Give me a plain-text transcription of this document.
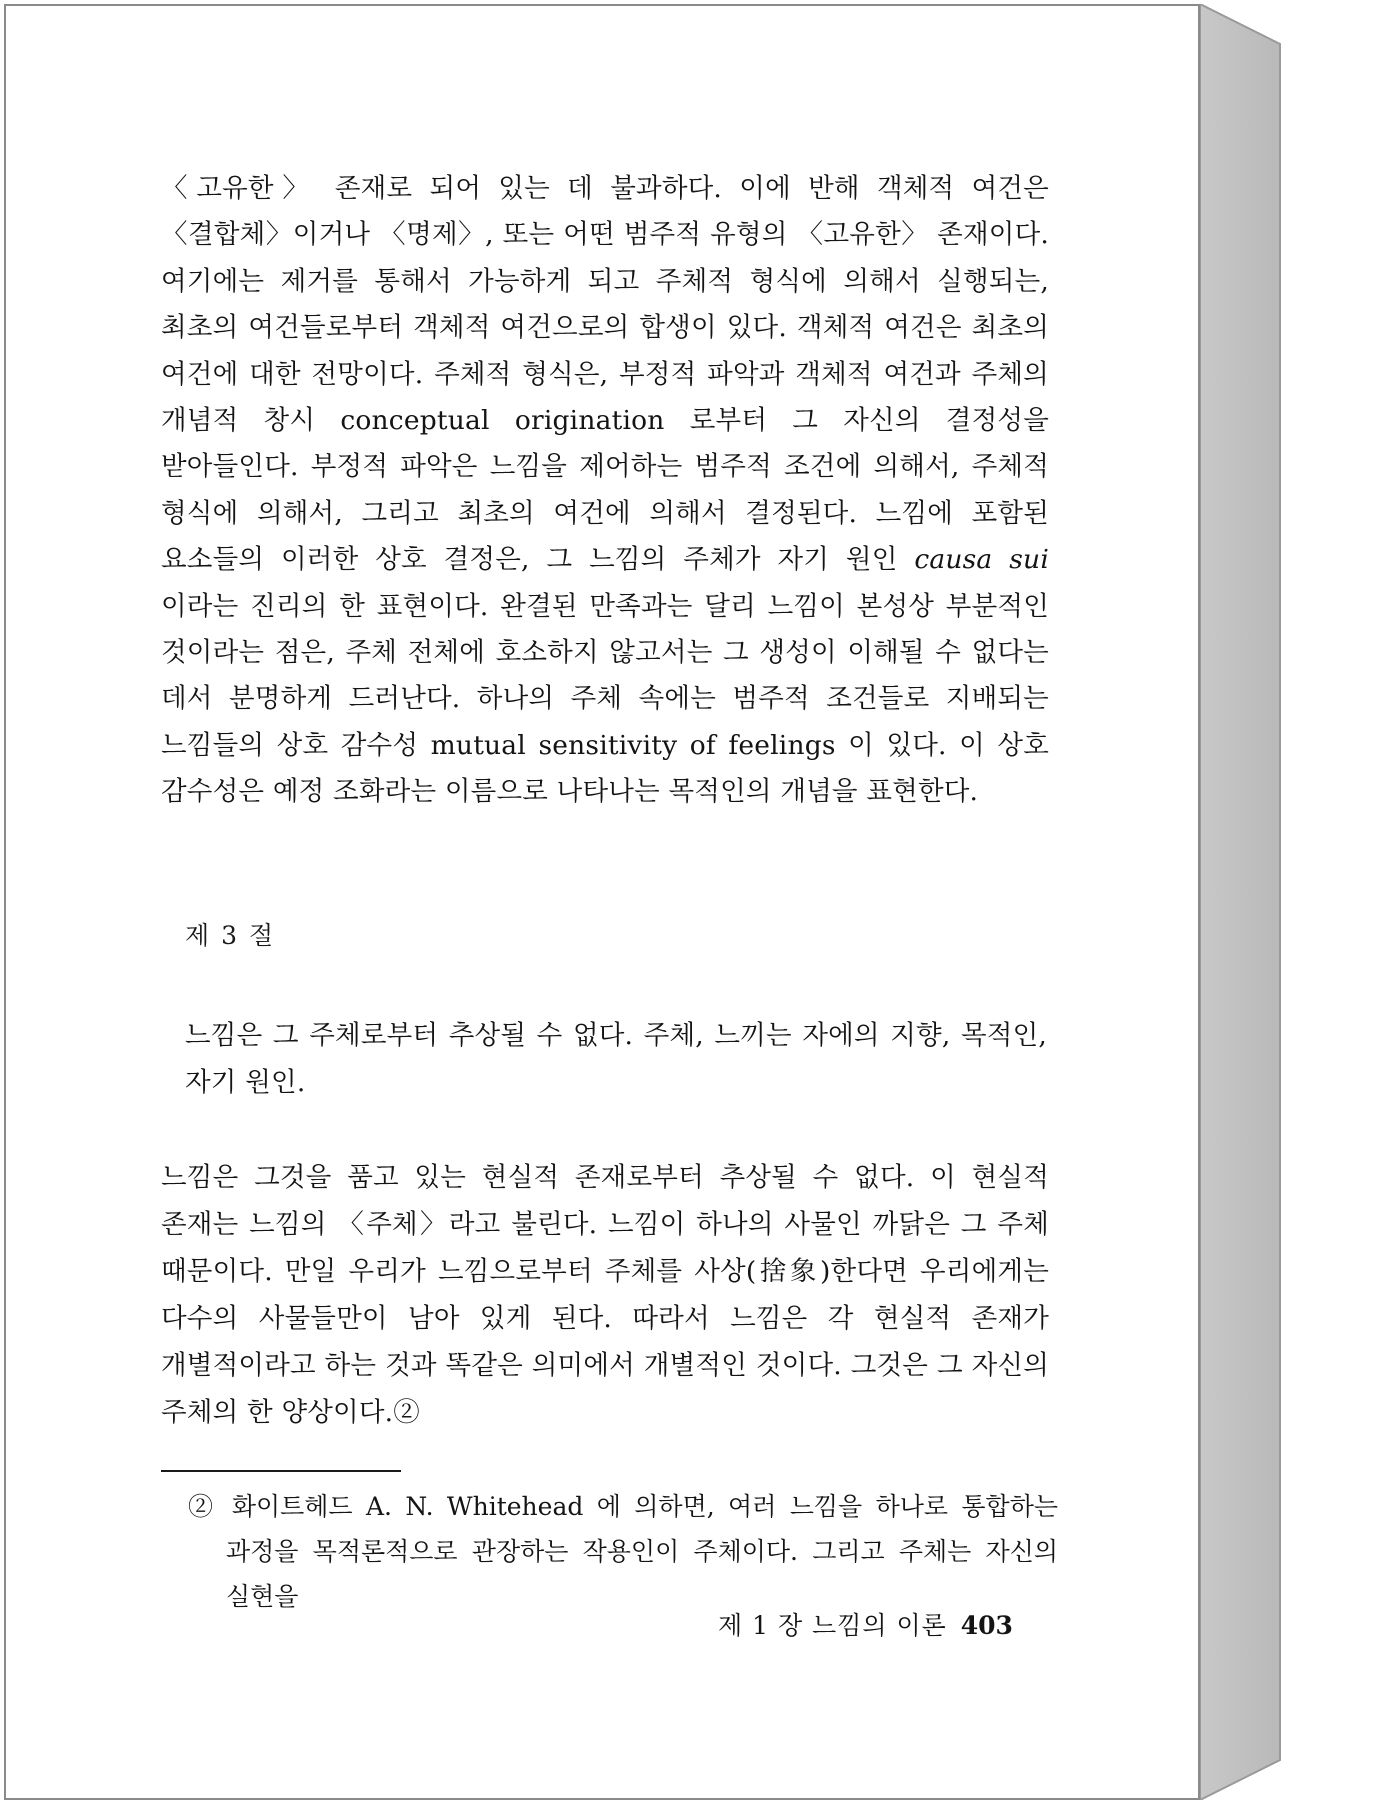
〈고유한〉 존재로 되어 있는 데 불과하다. 이에 반해 객체적 여건은 〈결합체〉이거나 〈명제〉, 또는 어떤 범주적 유형의 〈고유한〉 존재이다. 여기에는 제거를 통해서 가능하게 되고 주체적 형식에 의해서 실행되는, 최초의 여건들로부터 객체적 여건으로의 합생이 있다. 객체적 여건은 최초의 여건에 대한 전망이다. 주체적 형식은, 부정적 파악과 객체적 여건과 주체의 개념적 창시 conceptual origination 로부터 그 자신의 결정성을 받아들인다. 부정적 파악은 느낌을 제어하는 범주적 조건에 의해서, 주체적 형식에 의해서, 그리고 최초의 여건에 의해서 결정된다. 느낌에 포함된 요소들의 이러한 상호 결정은, 그 느낌의 주체가 자기 원인 causa sui 이라는 진리의 한 표현이다. 완결된 만족과는 달리 느낌이 본성상 부분적인 것이라는 점은, 주체 전체에 호소하지 않고서는 그 생성이 이해될 수 없다는 데서 분명하게 드러난다. 하나의 주체 속에는 범주적 조건들로 지배되는 느낌들의 상호 감수성 mutual sensitivity of feelings 이 있다. 이 상호 감수성은 예정 조화라는 이름으로 나타나는 목적인의 개념을 표현한다.
제 3 절
느낌은 그 주체로부터 추상될 수 없다. 주체, 느끼는 자에의 지향, 목적인, 자기 원인.
느낌은 그것을 품고 있는 현실적 존재로부터 추상될 수 없다. 이 현실적 존재는 느낌의 〈주체〉라고 불린다. 느낌이 하나의 사물인 까닭은 그 주체 때문이다. 만일 우리가 느낌으로부터 주체를 사상(捨象)한다면 우리에게는 다수의 사물들만이 남아 있게 된다. 따라서 느낌은 각 현실적 존재가 개별적이라고 하는 것과 똑같은 의미에서 개별적인 것이다. 그것은 그 자신의 주체의 한 양상이다.②
② 화이트헤드 A. N. Whitehead 에 의하면, 여러 느낌을 하나로 통합하는 과정을 목적론적으로 관장하는 작용인이 주체이다. 그리고 주체는 자신의 실현을
제 1 장 느낌의 이론 403
